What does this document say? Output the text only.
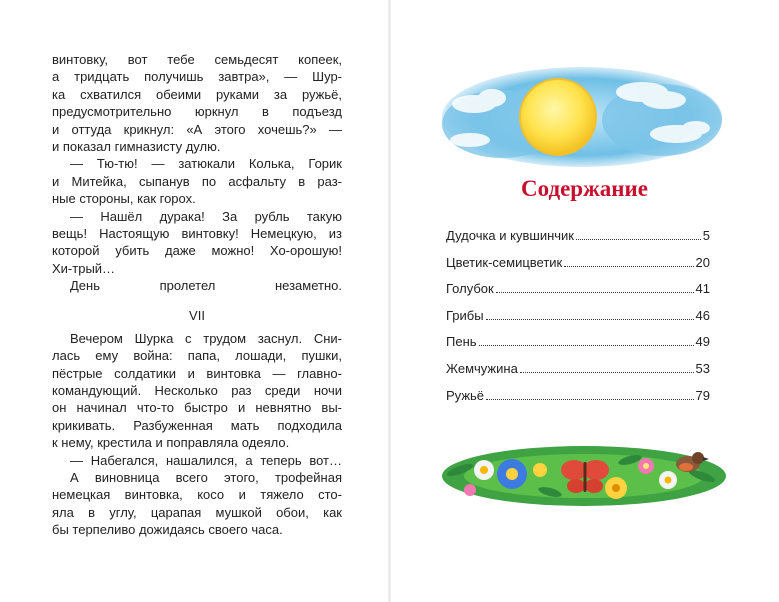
винтовку, вот тебе семьдесят копеек,
а тридцать получишь завтра», — Шур-
ка схватился обеими руками за ружьё,
предусмотрительно юркнул в подъезд
и оттуда крикнул: «А этого хочешь?» —
и показал гимназисту дулю.
— Тю-тю! — затюкали Колька, Горик
и Митейка, сыпанув по асфальту в раз-
ные стороны, как горох.
— Нашёл дурака! За рубль такую
вещь! Настоящую винтовку! Немецкую, из
которой убить даже можно! Хо-орошую!
Хи-трый…
День пролетел незаметно.
VII
Вечером Шурка с трудом заснул. Сни-
лась ему война: папа, лошади, пушки,
пёстрые солдатики и винтовка — главно-
командующий. Несколько раз среди ночи
он начинал что-то быстро и невнятно вы-
крикивать. Разбуженная мать подходила
к нему, крестила и поправляла одеяло.
— Набегался, нашалился, а теперь вот…
А виновница всего этого, трофейная
немецкая винтовка, косо и тяжело сто-
яла в углу, царапая мушкой обои, как
бы терпеливо дожидаясь своего часа.
Содержание
Дудочка и кувшинчик	5
Цветик-семицветик	20
Голубок	41
Грибы	46
Пень	49
Жемчужина	53
Ружьё	79
